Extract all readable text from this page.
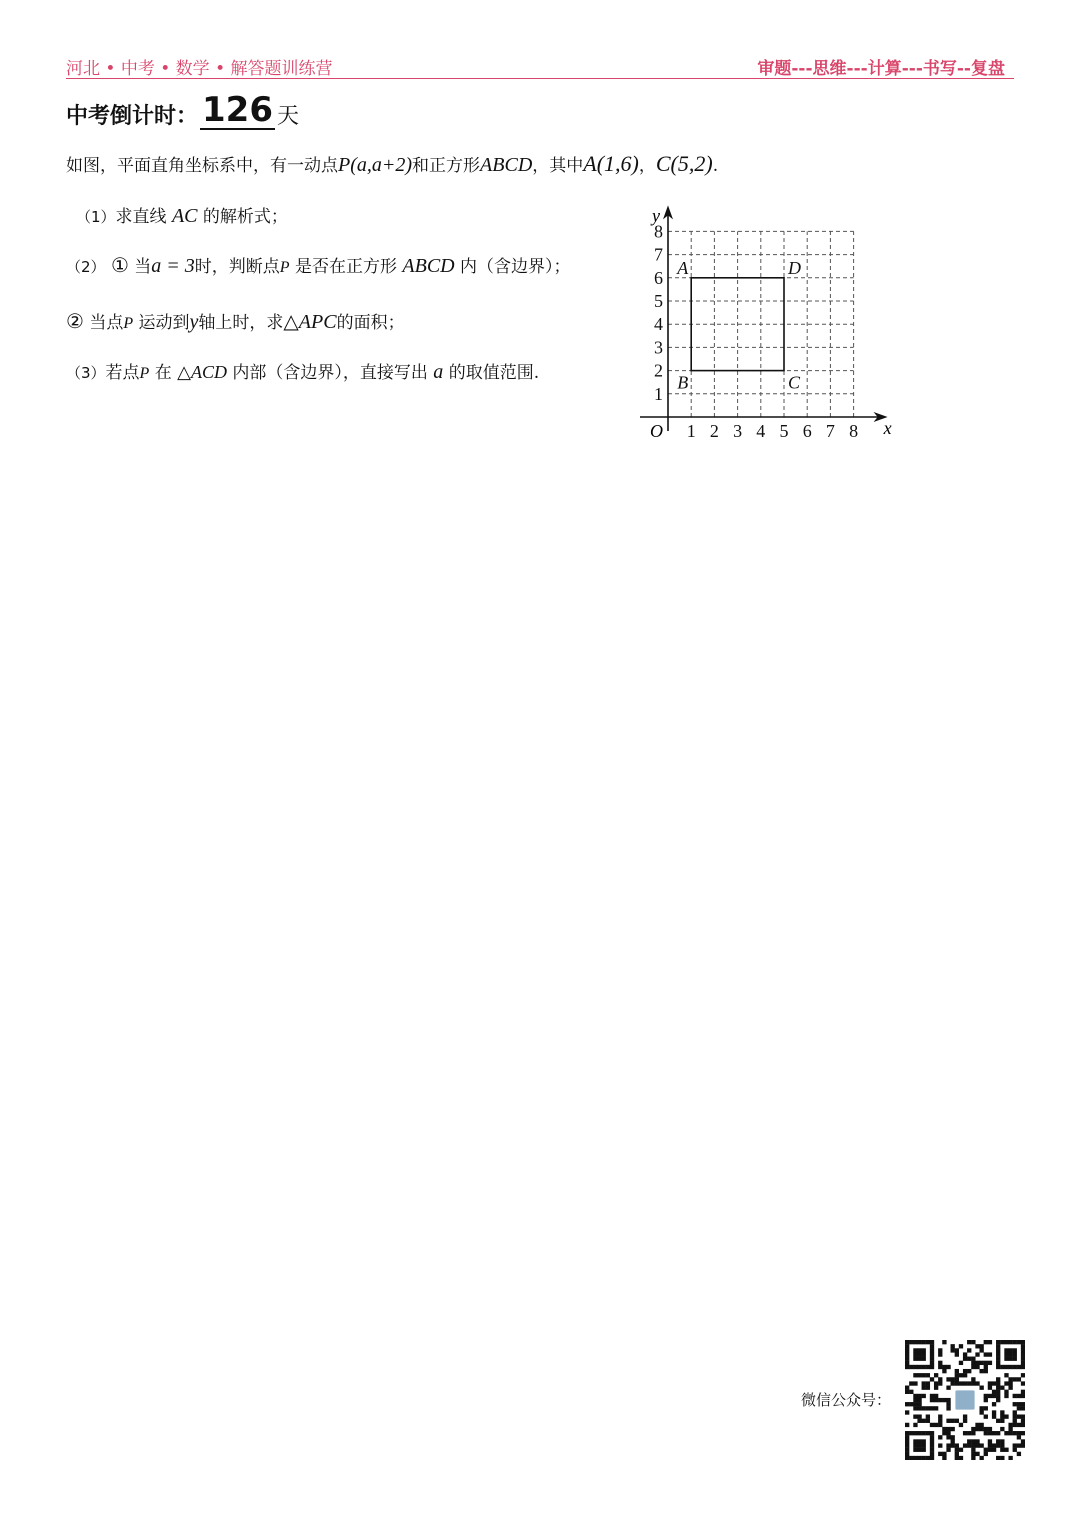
河北 • 中考 • 数学 • 解答题训练营	审题---思维---计算---书写--复盘
中考倒计时： 126 天
如图，平面直角坐标系中，有一动点P(a,a+2)和正方形ABCD，其中A(1,6)，C(5,2).
（1）求直线 AC 的解析式；
（2） ① 当a = 3时，判断点P 是否在正方形 ABCD 内（含边界）；
② 当点P 运动到y轴上时，求△APC的面积；
（3）若点P 在 △ACD 内部（含边界），直接写出 a 的取值范围.
1 2 3 4 5 6 7 8
1
2
3
4
5
6
7
8
A
B	C
D
x
y
O
微信公众号：
